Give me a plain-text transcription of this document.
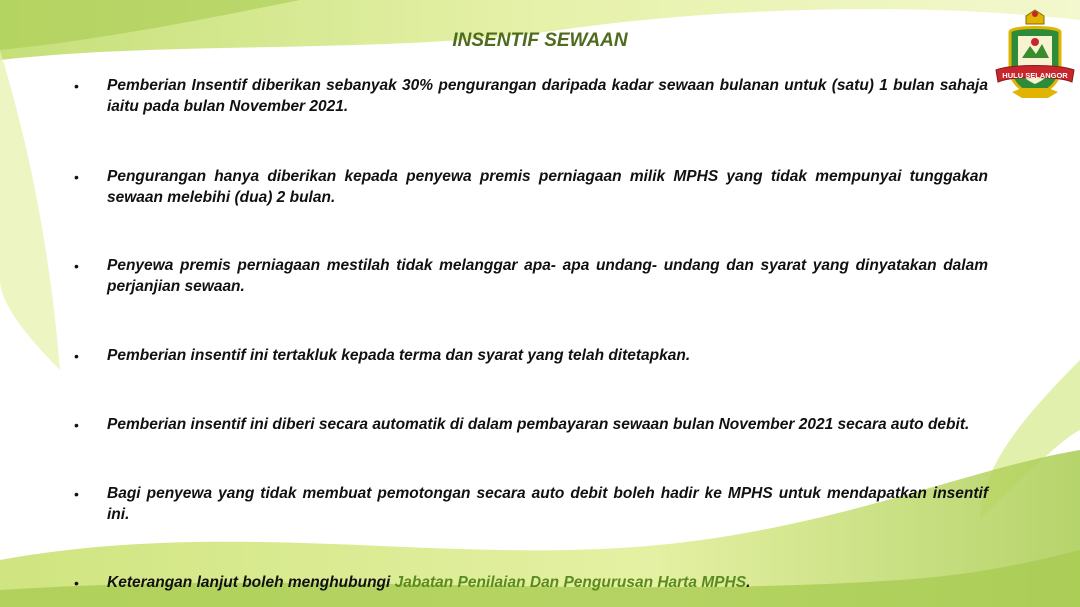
INSENTIF SEWAAN
•	Pemberian Insentif diberikan sebanyak 30% pengurangan daripada kadar sewaan bulanan untuk (satu) 1 bulan sahaja iaitu pada bulan November 2021.
•	Pengurangan hanya diberikan kepada penyewa premis perniagaan milik MPHS yang tidak mempunyai tunggakan sewaan melebihi (dua) 2 bulan.
•	Penyewa premis perniagaan mestilah tidak melanggar apa- apa undang- undang dan syarat yang dinyatakan dalam perjanjian sewaan.
•	Pemberian insentif ini tertakluk kepada terma dan syarat yang telah ditetapkan.
•	Pemberian insentif ini diberi secara automatik di dalam pembayaran sewaan bulan November 2021 secara auto debit.
•	Bagi penyewa yang tidak membuat pemotongan secara auto debit boleh hadir ke MPHS untuk mendapatkan insentif ini.
•	Keterangan lanjut boleh menghubungi Jabatan Penilaian Dan Pengurusan Harta MPHS.
HULU SELANGOR
